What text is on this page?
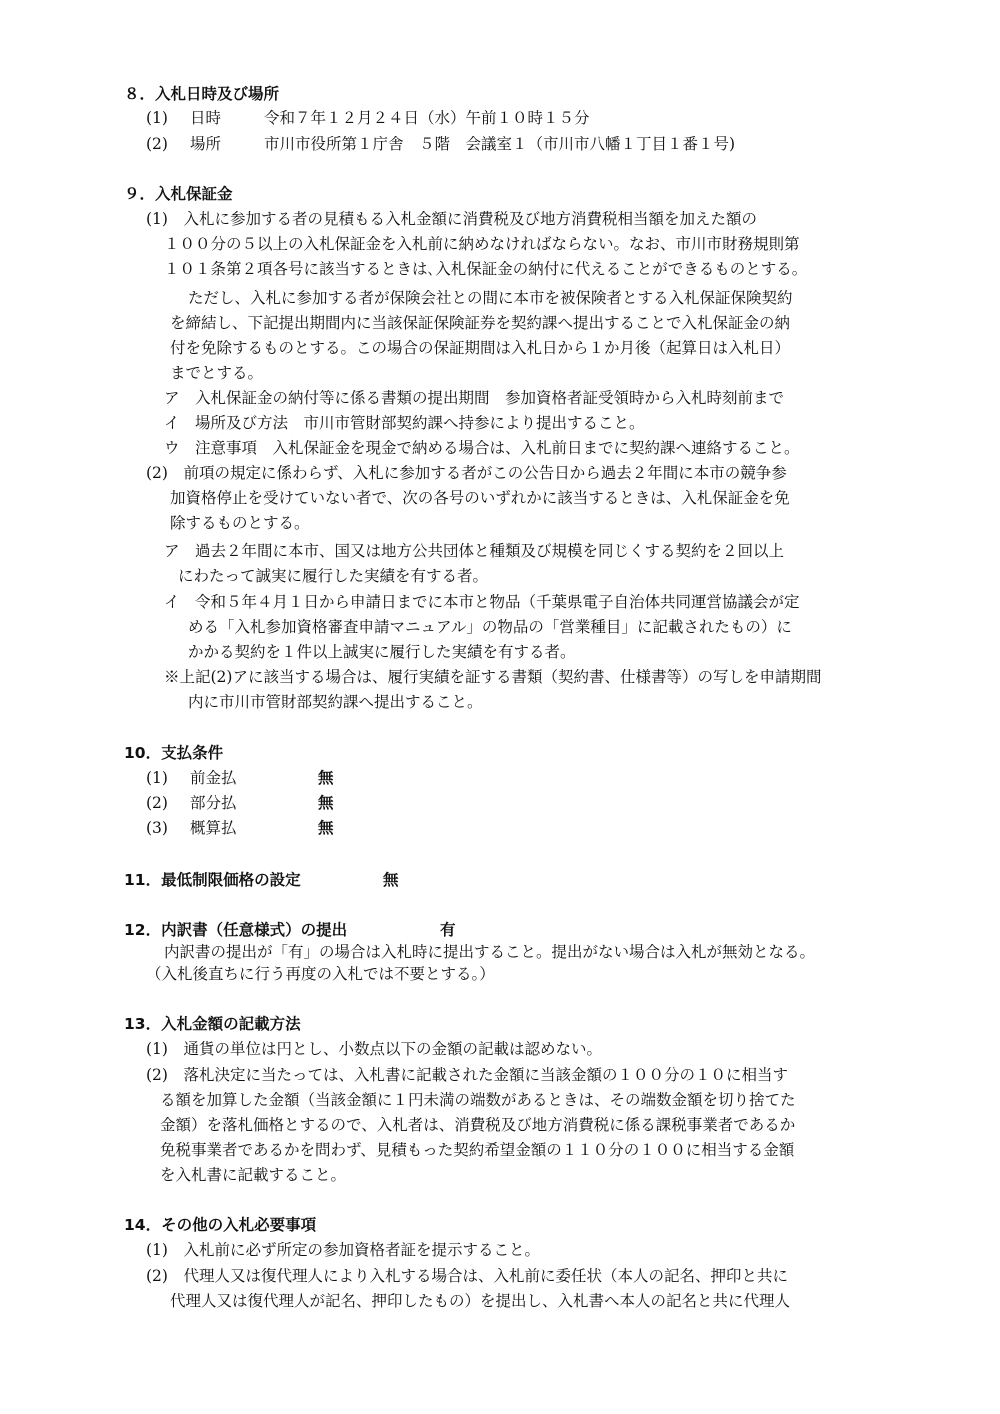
８．入札日時及び場所
(1) 日時	令和７年１２月２４日（水）午前１０時１５分
(2) 場所	市川市役所第１庁舎　５階　会議室１（市川市八幡１丁目１番１号)
９．入札保証金
(1)　入札に参加する者の見積もる入札金額に消費税及び地方消費税相当額を加えた額の
１００分の５以上の入札保証金を入札前に納めなければならない。なお、市川市財務規則第
１０１条第２項各号に該当するときは､入札保証金の納付に代えることができるものとする。
ただし、入札に参加する者が保険会社との間に本市を被保険者とする入札保証保険契約
を締結し、下記提出期間内に当該保証保険証券を契約課へ提出することで入札保証金の納
付を免除するものとする。この場合の保証期間は入札日から１か月後（起算日は入札日）
までとする。
ア　入札保証金の納付等に係る書類の提出期間　参加資格者証受領時から入札時刻前まで
イ　場所及び方法　市川市管財部契約課へ持参により提出すること。
ウ　注意事項　入札保証金を現金で納める場合は、入札前日までに契約課へ連絡すること。
(2)　前項の規定に係わらず、入札に参加する者がこの公告日から過去２年間に本市の競争参
加資格停止を受けていない者で、次の各号のいずれかに該当するときは、入札保証金を免
除するものとする。
ア　過去２年間に本市、国又は地方公共団体と種類及び規模を同じくする契約を２回以上
にわたって誠実に履行した実績を有する者。
イ　令和５年４月１日から申請日までに本市と物品（千葉県電子自治体共同運営協議会が定
める「入札参加資格審査申請マニュアル」の物品の「営業種目」に記載されたもの）に
かかる契約を１件以上誠実に履行した実績を有する者。
※上記(2)アに該当する場合は、履行実績を証する書類（契約書、仕様書等）の写しを申請期間
内に市川市管財部契約課へ提出すること。
10．支払条件
(1) 前金払	無
(2) 部分払	無
(3) 概算払	無
11．最低制限価格の設定	無
12．内訳書（任意様式）の提出	有
内訳書の提出が「有」の場合は入札時に提出すること。提出がない場合は入札が無効となる。
（入札後直ちに行う再度の入札では不要とする。）
13．入札金額の記載方法
(1)　通貨の単位は円とし、小数点以下の金額の記載は認めない。
(2)　落札決定に当たっては、入札書に記載された金額に当該金額の１００分の１０に相当す
る額を加算した金額（当該金額に１円未満の端数があるときは、その端数金額を切り捨てた
金額）を落札価格とするので、入札者は、消費税及び地方消費税に係る課税事業者であるか
免税事業者であるかを問わず、見積もった契約希望金額の１１０分の１００に相当する金額
を入札書に記載すること。
14．その他の入札必要事項
(1)　入札前に必ず所定の参加資格者証を提示すること。
(2)　代理人又は復代理人により入札する場合は、入札前に委任状（本人の記名、押印と共に
代理人又は復代理人が記名、押印したもの）を提出し、入札書へ本人の記名と共に代理人
